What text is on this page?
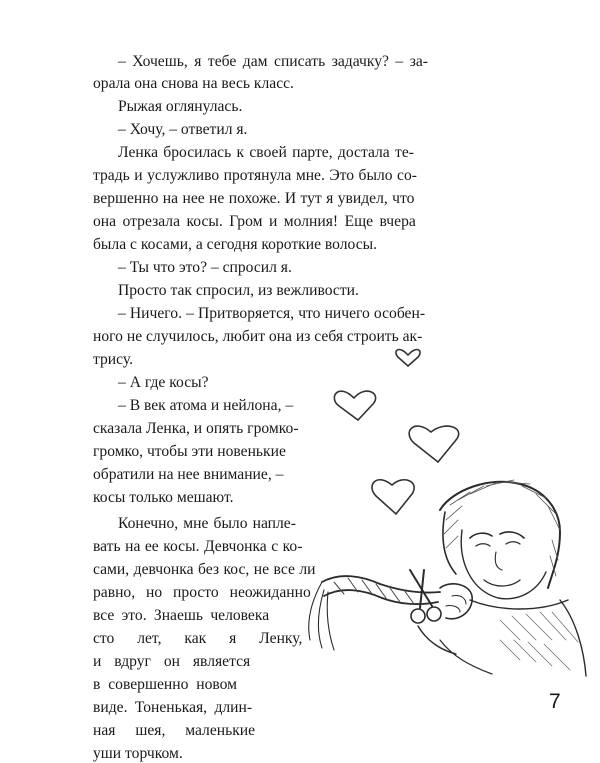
– Хочешь, я тебе дам списать задачку? – за-

орала она снова на весь класс.

Рыжая оглянулась.

– Хочу, – ответил я.

Ленка бросилась к своей парте, достала те-

традь и услужливо протянула мне. Это было со-

вершенно на нее не похоже. И тут я увидел, что

она отрезала косы. Гром и молния! Еще вчера

была с косами, а сегодня короткие волосы.

– Ты что это? – спросил я.

Просто так спросил, из вежливости.

– Ничего. – Притворяется, что ничего особен-

ного не случилось, любит она из себя строить ак-

трису.

– А где косы?

– В век атома и нейлона, –

сказала Ленка, и опять громко-

громко, чтобы эти новенькие

обратили на нее внимание, –

косы только мешают.

Конечно, мне было напле-

вать на ее косы. Девчонка с ко-

сами, девчонка без кос, не все ли

равно, но просто неожиданно

все это. Знаешь человека

сто лет, как я Ленку,

и вдруг он является

в совершенно новом

виде. Тоненькая, длин-

ная шея, маленькие

уши торчком.

7
